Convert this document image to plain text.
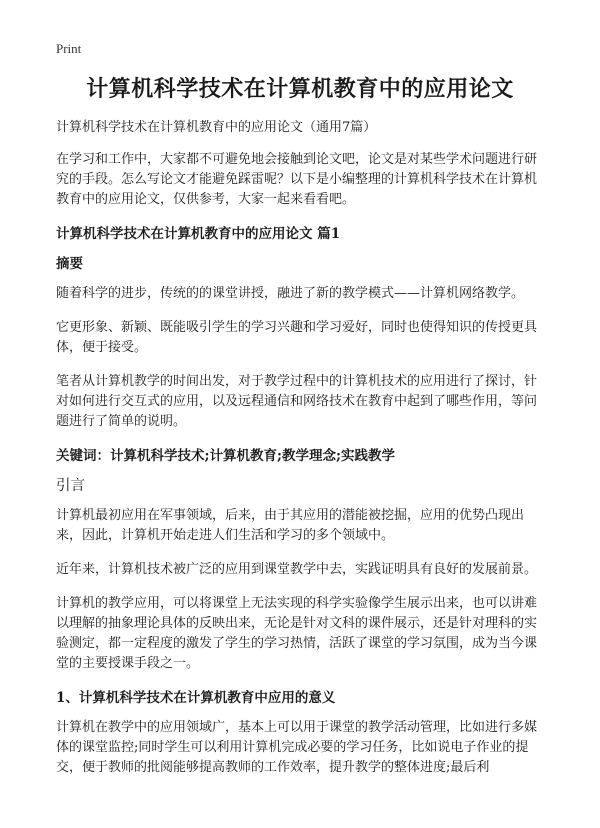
Print
计算机科学技术在计算机教育中的应用论文

计算机科学技术在计算机教育中的应用论文（通用7篇）

在学习和工作中，大家都不可避免地会接触到论文吧，论文是对某些学术问题进行研究的手段。怎么写论文才能避免踩雷呢？以下是小编整理的计算机科学技术在计算机教育中的应用论文，仅供参考，大家一起来看看吧。

计算机科学技术在计算机教育中的应用论文 篇1
摘要

随着科学的进步，传统的的课堂讲授，融进了新的教学模式——计算机网络教学。

它更形象、新颖、既能吸引学生的学习兴趣和学习爱好，同时也使得知识的传授更具体，便于接受。

笔者从计算机教学的时间出发，对于教学过程中的计算机技术的应用进行了探讨，针对如何进行交互式的应用，以及远程通信和网络技术在教育中起到了哪些作用，等问题进行了简单的说明。

关键词：计算机科学技术;计算机教育;教学理念;实践教学
引言

计算机最初应用在军事领域，后来，由于其应用的潜能被挖掘，应用的优势凸现出来，因此，计算机开始走进人们生活和学习的多个领域中。

近年来，计算机技术被广泛的应用到课堂教学中去，实践证明具有良好的发展前景。

计算机的教学应用，可以将课堂上无法实现的科学实验像学生展示出来，也可以讲难以理解的抽象理论具体的反映出来，无论是针对文科的课件展示，还是针对理科的实验测定，都一定程度的激发了学生的学习热情，活跃了课堂的学习氛围，成为当今课堂的主要授课手段之一。

1、计算机科学技术在计算机教育中应用的意义

计算机在教学中的应用领域广，基本上可以用于课堂的教学活动管理，比如进行多媒体的课堂监控;同时学生可以利用计算机完成必要的学习任务，比如说电子作业的提交，便于教师的批阅能够提高教师的工作效率，提升教学的整体进度;最后利
